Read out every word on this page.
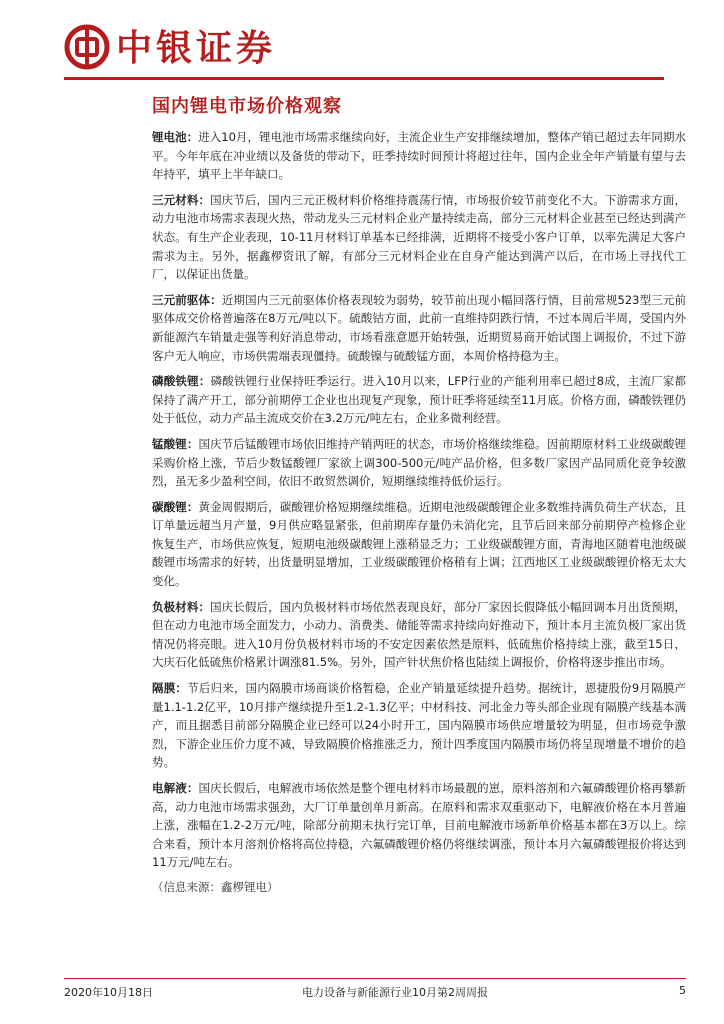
中银证券
国内锂电市场价格观察

锂电池：进入10月，锂电池市场需求继续向好，主流企业生产安排继续增加，整体产销已超过去年同期水平。今年年底在冲业绩以及备货的带动下，旺季持续时间预计将超过往年，国内企业全年产销量有望与去年持平，填平上半年缺口。

三元材料：国庆节后，国内三元正极材料价格维持震荡行情，市场报价较节前变化不大。下游需求方面，动力电池市场需求表现火热，带动龙头三元材料企业产量持续走高，部分三元材料企业甚至已经达到满产状态。有生产企业表现，10-11月材料订单基本已经排满，近期将不接受小客户订单，以率先满足大客户需求为主。另外，据鑫椤资讯了解，有部分三元材料企业在自身产能达到满产以后，在市场上寻找代工厂，以保证出货量。

三元前驱体：近期国内三元前驱体价格表现较为弱势，较节前出现小幅回落行情，目前常规523型三元前驱体成交价格普遍落在8万元/吨以下。硫酸钴方面，此前一直维持阴跌行情，不过本周后半周，受国内外新能源汽车销量走强等利好消息带动，市场看涨意愿开始转强，近期贸易商开始试图上调报价，不过下游客户无人响应，市场供需端表现僵持。硫酸镍与硫酸锰方面，本周价格持稳为主。

磷酸铁锂：磷酸铁锂行业保持旺季运行。进入10月以来，LFP行业的产能利用率已超过8成，主流厂家都保持了满产开工，部分前期停工企业也出现复产现象，预计旺季将延续至11月底。价格方面，磷酸铁锂仍处于低位，动力产品主流成交价在3.2万元/吨左右，企业多微利经营。

锰酸锂：国庆节后锰酸锂市场依旧维持产销两旺的状态，市场价格继续维稳。因前期原材料工业级碳酸锂采购价格上涨，节后少数锰酸锂厂家欲上调300-500元/吨产品价格，但多数厂家因产品同质化竞争较激烈，虽无多少盈利空间，依旧不敢贸然调价，短期继续维持低价运行。

碳酸锂：黄金周假期后，碳酸锂价格短期继续维稳。近期电池级碳酸锂企业多数维持满负荷生产状态，且订单量远超当月产量，9月供应略显紧张，但前期库存量仍未消化完，且节后回来部分前期停产检修企业恢复生产，市场供应恢复，短期电池级碳酸锂上涨稍显乏力；工业级碳酸锂方面，青海地区随着电池级碳酸锂市场需求的好转，出货量明显增加，工业级碳酸锂价格稍有上调；江西地区工业级碳酸锂价格无太大变化。

负极材料：国庆长假后，国内负极材料市场依然表现良好，部分厂家因长假降低小幅回调本月出货预期，但在动力电池市场全面发力，小动力、消费类、储能等需求持续向好推动下，预计本月主流负极厂家出货情况仍将亮眼。进入10月份负极材料市场的不安定因素依然是原料，低硫焦价格持续上涨，截至15日，大庆石化低硫焦价格累计调涨81.5%。另外，国产针状焦价格也陆续上调报价，价格将逐步推出市场。

隔膜：节后归来，国内隔膜市场商谈价格暂稳，企业产销量延续提升趋势。据统计，恩捷股份9月隔膜产量1.1-1.2亿平，10月排产继续提升至1.2-1.3亿平；中材科技、河北金力等头部企业现有隔膜产线基本满产，而且据悉目前部分隔膜企业已经可以24小时开工，国内隔膜市场供应增量较为明显，但市场竞争激烈，下游企业压价力度不减，导致隔膜价格推涨乏力，预计四季度国内隔膜市场仍将呈现增量不增价的趋势。

电解液：国庆长假后，电解液市场依然是整个锂电材料市场最靓的崽，原料溶剂和六氟磷酸锂价格再攀新高，动力电池市场需求强劲，大厂订单量创单月新高。在原料和需求双重驱动下，电解液价格在本月普遍上涨，涨幅在1.2-2万元/吨，除部分前期未执行完订单，目前电解液市场新单价格基本都在3万以上。综合来看，预计本月溶剂价格将高位持稳，六氟磷酸锂价格仍将继续调涨，预计本月六氟磷酸锂报价将达到11万元/吨左右。

（信息来源：鑫椤锂电）
2020年10月18日	电力设备与新能源行业10月第2周周报	5
